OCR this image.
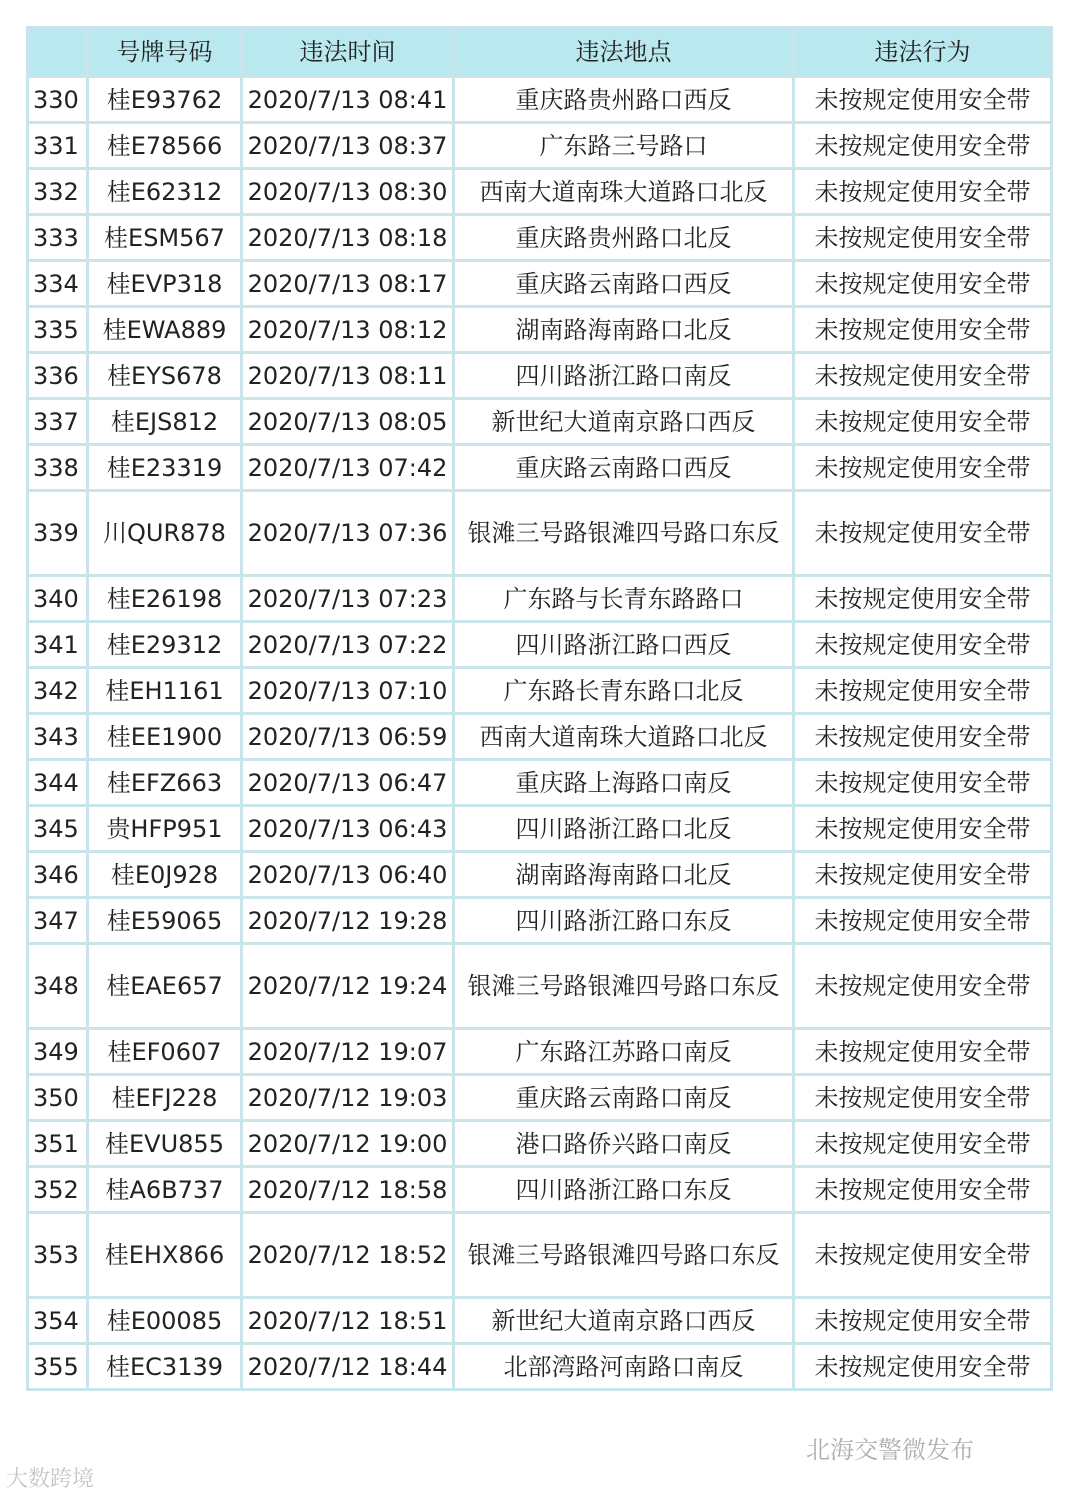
	号牌号码	违法时间	违法地点	违法行为
330	桂E93762	2020/7/13 08:41	重庆路贵州路口西反	未按规定使用安全带
331	桂E78566	2020/7/13 08:37	广东路三号路口	未按规定使用安全带
332	桂E62312	2020/7/13 08:30	西南大道南珠大道路口北反	未按规定使用安全带
333	桂ESM567	2020/7/13 08:18	重庆路贵州路口北反	未按规定使用安全带
334	桂EVP318	2020/7/13 08:17	重庆路云南路口西反	未按规定使用安全带
335	桂EWA889	2020/7/13 08:12	湖南路海南路口北反	未按规定使用安全带
336	桂EYS678	2020/7/13 08:11	四川路浙江路口南反	未按规定使用安全带
337	桂EJS812	2020/7/13 08:05	新世纪大道南京路口西反	未按规定使用安全带
338	桂E23319	2020/7/13 07:42	重庆路云南路口西反	未按规定使用安全带
339	川QUR878	2020/7/13 07:36	银滩三号路银滩四号路口东反	未按规定使用安全带
340	桂E26198	2020/7/13 07:23	广东路与长青东路路口	未按规定使用安全带
341	桂E29312	2020/7/13 07:22	四川路浙江路口西反	未按规定使用安全带
342	桂EH1161	2020/7/13 07:10	广东路长青东路口北反	未按规定使用安全带
343	桂EE1900	2020/7/13 06:59	西南大道南珠大道路口北反	未按规定使用安全带
344	桂EFZ663	2020/7/13 06:47	重庆路上海路口南反	未按规定使用安全带
345	贵HFP951	2020/7/13 06:43	四川路浙江路口北反	未按规定使用安全带
346	桂E0J928	2020/7/13 06:40	湖南路海南路口北反	未按规定使用安全带
347	桂E59065	2020/7/12 19:28	四川路浙江路口东反	未按规定使用安全带
348	桂EAE657	2020/7/12 19:24	银滩三号路银滩四号路口东反	未按规定使用安全带
349	桂EF0607	2020/7/12 19:07	广东路江苏路口南反	未按规定使用安全带
350	桂EFJ228	2020/7/12 19:03	重庆路云南路口南反	未按规定使用安全带
351	桂EVU855	2020/7/12 19:00	港口路侨兴路口南反	未按规定使用安全带
352	桂A6B737	2020/7/12 18:58	四川路浙江路口东反	未按规定使用安全带
353	桂EHX866	2020/7/12 18:52	银滩三号路银滩四号路口东反	未按规定使用安全带
354	桂E00085	2020/7/12 18:51	新世纪大道南京路口西反	未按规定使用安全带
355	桂EC3139	2020/7/12 18:44	北部湾路河南路口南反	未按规定使用安全带
大数跨境
北海交警微发布
